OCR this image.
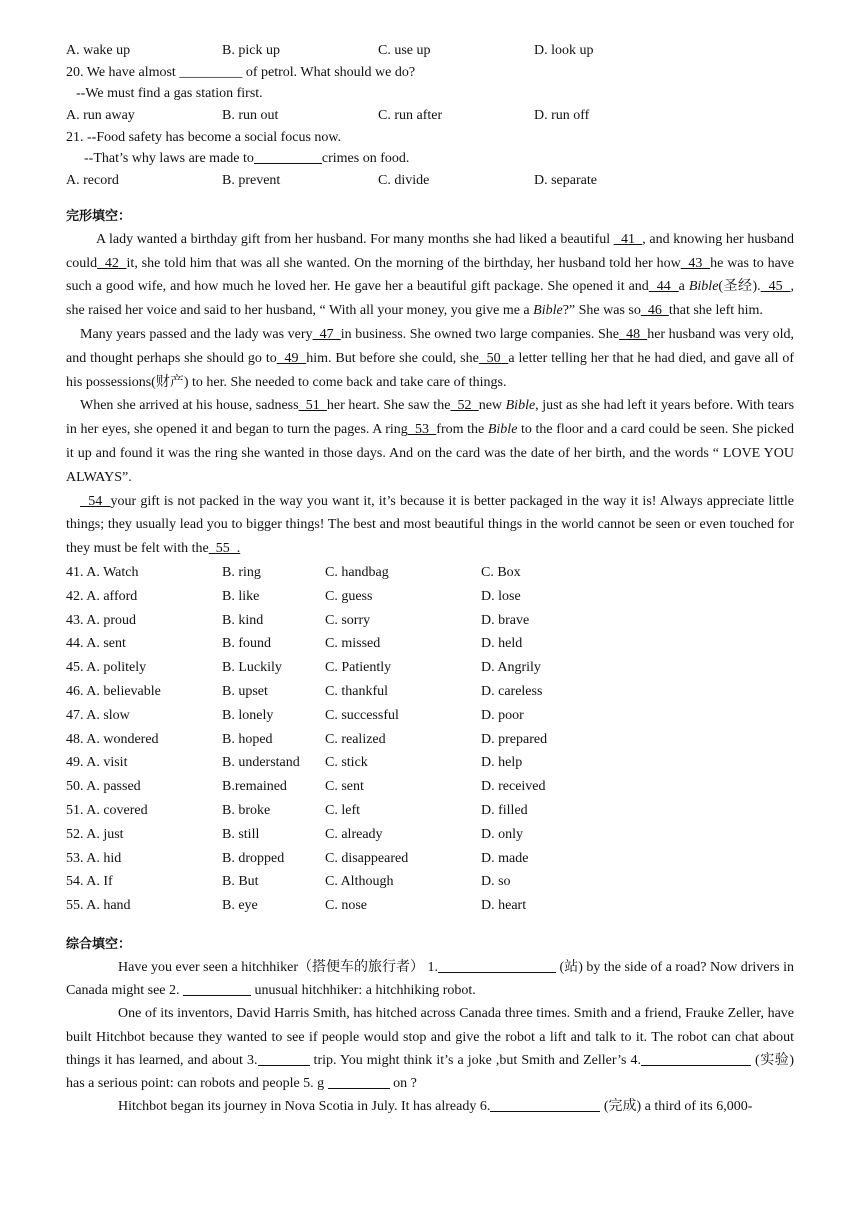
A. wake up	B. pick up	C. use up	D. look up
20. We have almost _________ of petrol. What should we do?
--We must find a gas station first.
A. run away	B. run out	C. run after	D. run off
21. --Food safety has become a social focus now.
--That’s why laws are made to	crimes on food.
A. record	B. prevent	C. divide	D. separate
完形填空：

A lady wanted a birthday gift from her husband. For many months she had liked a beautiful   41  , and knowing her husband could  42  it, she told him that was all she wanted. On the morning of the birthday, her husband told her how  43  he was to have such a good wife, and how much he loved her. He gave her a beautiful gift package. She opened it and  44  a Bible(圣经).  45  , she raised her voice and said to her husband, “ With all your money, you give me a Bible?” She was so  46  that she left him.

Many years passed and the lady was very  47  in business. She owned two large companies. She  48  her husband was very old, and thought perhaps she should go to  49  him. But before she could, she  50  a letter telling her that he had died, and gave all of his possessions(财产) to her. She needed to come back and take care of things.

When she arrived at his house, sadness  51  her heart. She saw the  52  new Bible, just as she had left it years before. With tears in her eyes, she opened it and began to turn the pages. A ring  53  from the Bible to the floor and a card could be seen. She picked it up and found it was the ring she wanted in those days. And on the card was the date of her birth, and the words “ LOVE YOU ALWAYS”.

54  your gift is not packed in the way you want it, it’s because it is better packaged in the way it is! Always appreciate little things; they usually lead you to bigger things! The best and most beautiful things in the world cannot be seen or even touched for they must be felt with the  55  .

41. A. Watch	B. ring	C. handbag	C. Box
42. A. afford	B. like	C. guess	D. lose
43. A. proud	B. kind	C. sorry	D. brave
44. A. sent	B. found	C. missed	D. held
45. A. politely	B. Luckily	C. Patiently	D. Angrily
46. A. believable	B. upset	C. thankful	D. careless
47. A. slow	B. lonely	C. successful	D. poor
48. A. wondered	B. hoped	C. realized	D. prepared
49. A. visit	B. understand	C. stick	D. help
50. A. passed	B.remained	C. sent	D. received
51. A. covered	B. broke	C. left	D. filled
52. A. just	B. still	C. already	D. only
53. A. hid	B. dropped	C. disappeared	D. made
54. A. If	B. But	C. Although	D. so
55. A. hand	B. eye	C. nose	D. heart
综合填空：

Have you ever seen a hitchhiker（搭便车的旅行者） 1.	(站) by the side of a road? Now drivers in Canada might see 2.	unusual hitchhiker: a hitchhiking robot.

One of its inventors, David Harris Smith, has hitched across Canada three times. Smith and a friend, Frauke Zeller, have built Hitchbot because they wanted to see if people would stop and give the robot a lift and talk to it. The robot can chat about things it has learned, and about 3.	trip. You might think it’s a joke ,but Smith and Zeller’s 4.	(实验) has a serious point: can robots and people 5. g	on ?

Hitchbot began its journey in Nova Scotia in July. It has already 6.	(完成) a third of its 6,000-
